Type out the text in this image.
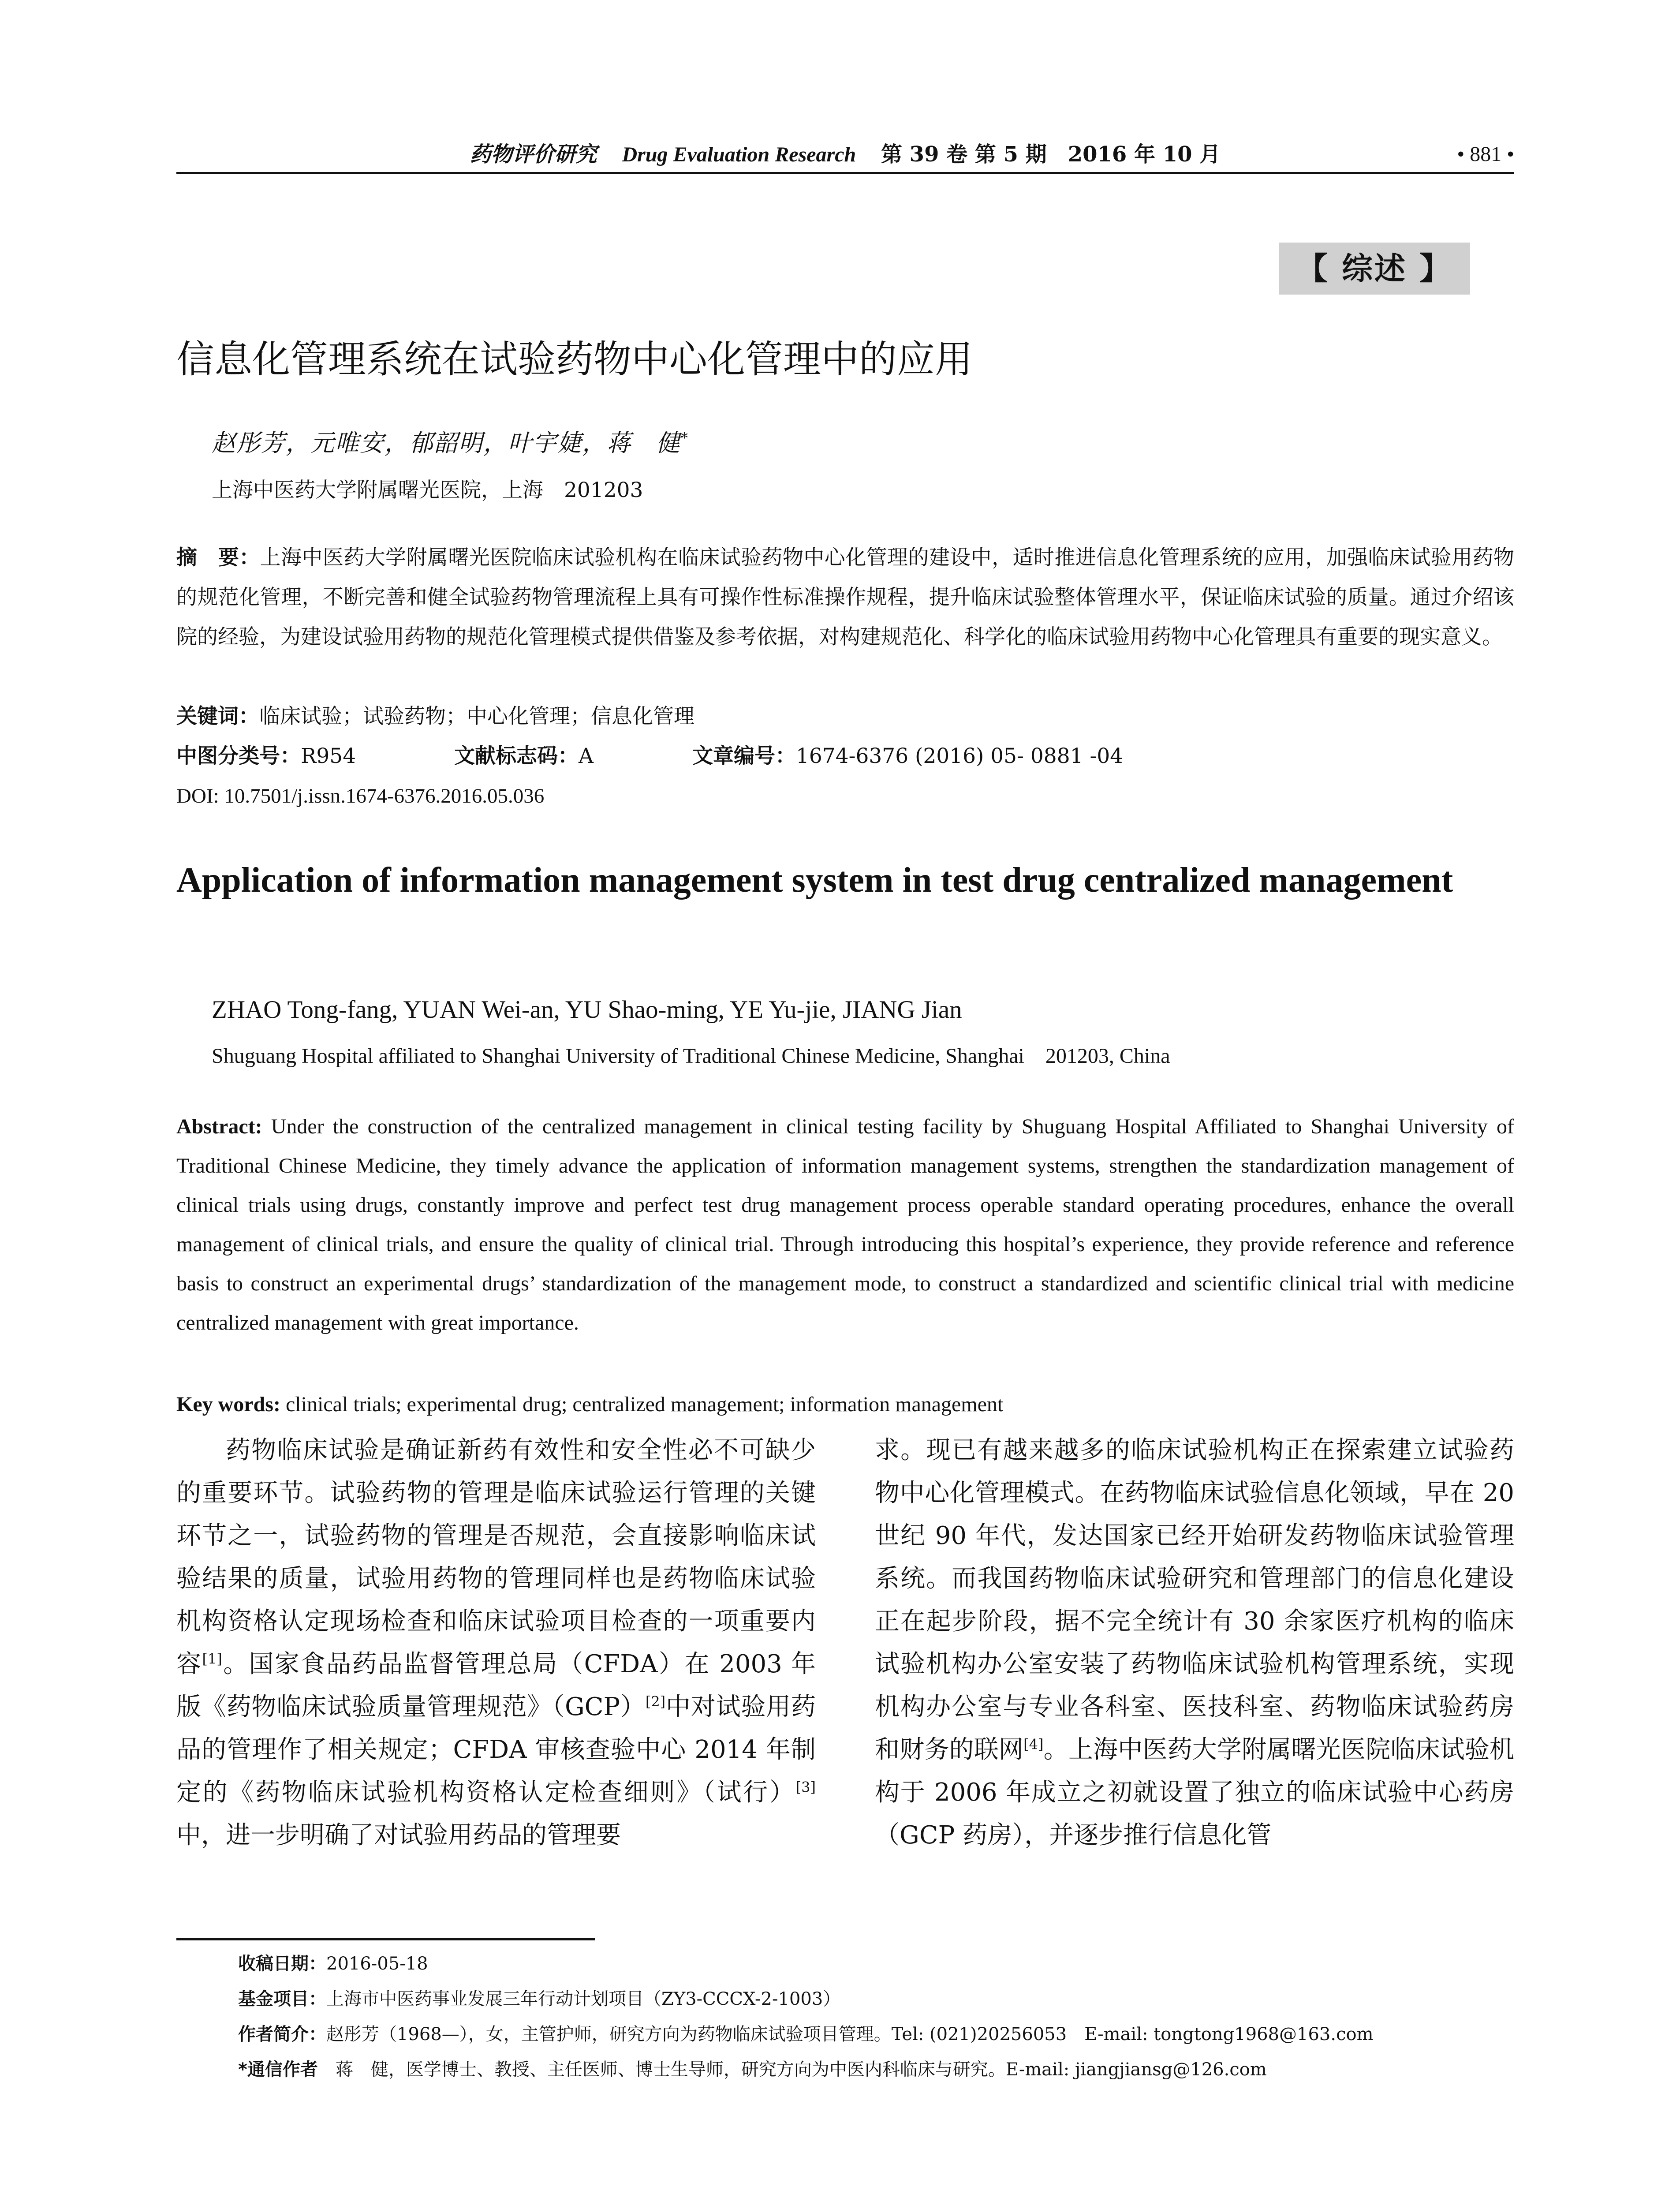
药物评价研究 Drug Evaluation Research 第 39 卷 第 5 期　2016 年 10 月	• 881 •
【 综述 】
信息化管理系统在试验药物中心化管理中的应用
赵彤芳，元唯安，郁韶明，叶宇婕，蒋　健*
上海中医药大学附属曙光医院，上海　201203
摘　要：上海中医药大学附属曙光医院临床试验机构在临床试验药物中心化管理的建设中，适时推进信息化管理系统的应用，加强临床试验用药物的规范化管理，不断完善和健全试验药物管理流程上具有可操作性标准操作规程，提升临床试验整体管理水平，保证临床试验的质量。通过介绍该院的经验，为建设试验用药物的规范化管理模式提供借鉴及参考依据，对构建规范化、科学化的临床试验用药物中心化管理具有重要的现实意义。
关键词：临床试验；试验药物；中心化管理；信息化管理
中图分类号：R954	文献标志码：A	文章编号：1674-6376 (2016) 05- 0881 -04
DOI: 10.7501/j.issn.1674-6376.2016.05.036
Application of information management system in test drug centralized management
ZHAO Tong-fang, YUAN Wei-an, YU Shao-ming, YE Yu-jie, JIANG Jian
Shuguang Hospital affiliated to Shanghai University of Traditional Chinese Medicine, Shanghai　201203, China
Abstract: Under the construction of the centralized management in clinical testing facility by Shuguang Hospital Affiliated to Shanghai University of Traditional Chinese Medicine, they timely advance the application of information management systems, strengthen the standardization management of clinical trials using drugs, constantly improve and perfect test drug management process operable standard operating procedures, enhance the overall management of clinical trials, and ensure the quality of clinical trial. Through introducing this hospital’s experience, they provide reference and reference basis to construct an experimental drugs’ standardization of the management mode, to construct a standardized and scientific clinical trial with medicine centralized management with great importance.
Key words: clinical trials; experimental drug; centralized management; information management

药物临床试验是确证新药有效性和安全性必不可缺少的重要环节。试验药物的管理是临床试验运行管理的关键环节之一，试验药物的管理是否规范，会直接影响临床试验结果的质量，试验用药物的管理同样也是药物临床试验机构资格认定现场检查和临床试验项目检查的一项重要内容[1]。国家食品药品监督管理总局（CFDA）在 2003 年版《药物临床试验质量管理规范》（GCP）[2]中对试验用药品的管理作了相关规定；CFDA 审核查验中心 2014 年制定的《药物临床试验机构资格认定检查细则》（试行）[3]中，进一步明确了对试验用药品的管理要

求。现已有越来越多的临床试验机构正在探索建立试验药物中心化管理模式。在药物临床试验信息化领域，早在 20 世纪 90 年代，发达国家已经开始研发药物临床试验管理系统。而我国药物临床试验研究和管理部门的信息化建设正在起步阶段，据不完全统计有 30 余家医疗机构的临床试验机构办公室安装了药物临床试验机构管理系统，实现机构办公室与专业各科室、医技科室、药物临床试验药房和财务的联网[4]。上海中医药大学附属曙光医院临床试验机构于 2006 年成立之初就设置了独立的临床试验中心药房（GCP 药房），并逐步推行信息化管

收稿日期：2016-05-18
基金项目：上海市中医药事业发展三年行动计划项目（ZY3-CCCX-2-1003）
作者简介：赵彤芳（1968—），女，主管护师，研究方向为药物临床试验项目管理。Tel: (021)20256053　E-mail: tongtong1968@163.com
*通信作者　蒋　健，医学博士、教授、主任医师、博士生导师，研究方向为中医内科临床与研究。E-mail: jiangjiansg@126.com
